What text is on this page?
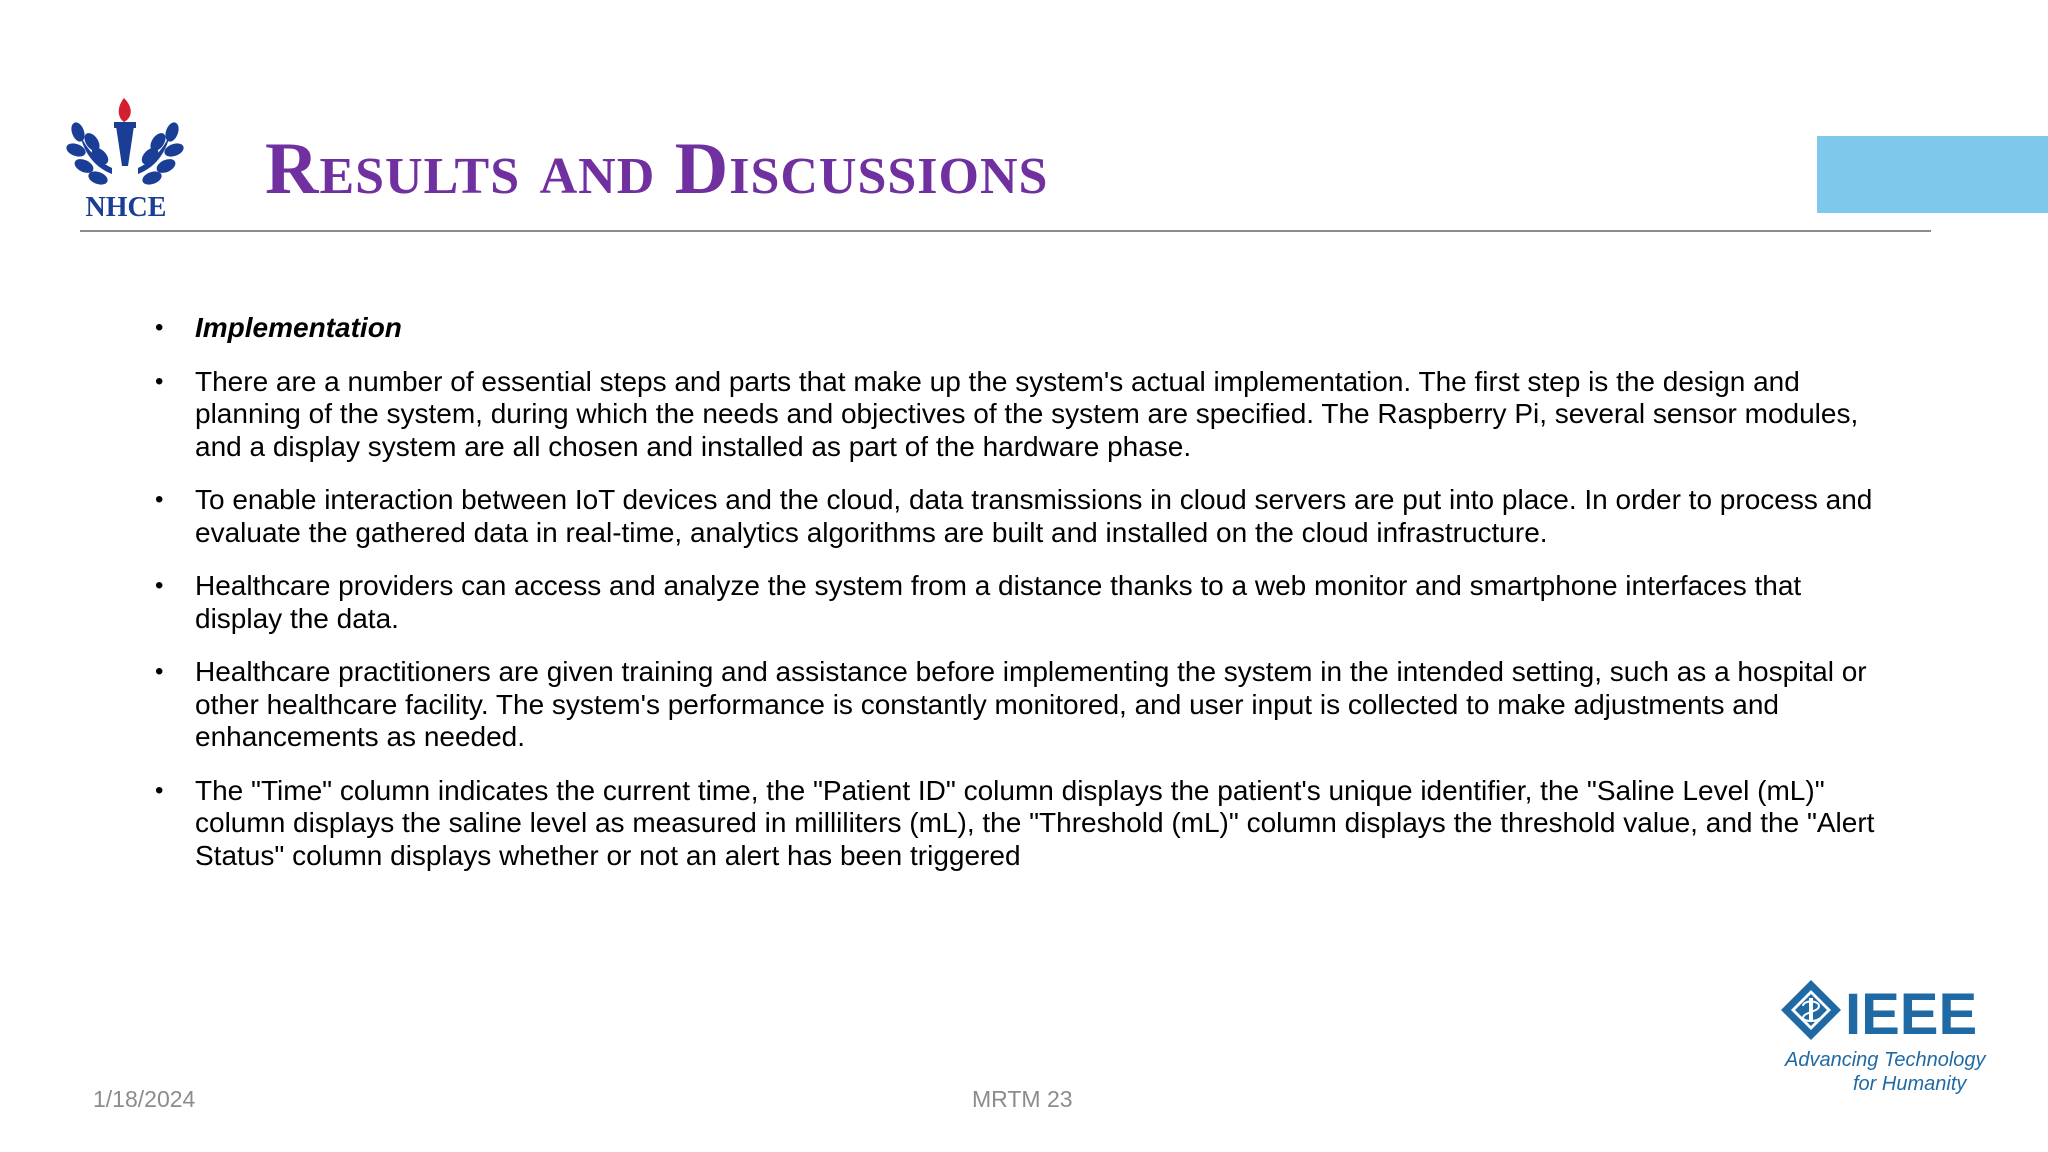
NHCE Results and Discussions
• Implementation
• There are a number of essential steps and parts that make up the system's actual implementation. The first step is the design and planning of the system, during which the needs and objectives of the system are specified. The Raspberry Pi, several sensor modules, and a display system are all chosen and installed as part of the hardware phase.
• To enable interaction between IoT devices and the cloud, data transmissions in cloud servers are put into place. In order to process and evaluate the gathered data in real-time, analytics algorithms are built and installed on the cloud infrastructure.
• Healthcare providers can access and analyze the system from a distance thanks to a web monitor and smartphone interfaces that display the data.
• Healthcare practitioners are given training and assistance before implementing the system in the intended setting, such as a hospital or other healthcare facility. The system's performance is constantly monitored, and user input is collected to make adjustments and enhancements as needed.
• The "Time" column indicates the current time, the "Patient ID" column displays the patient's unique identifier, the "Saline Level (mL)" column displays the saline level as measured in milliliters (mL), the "Threshold (mL)" column displays the threshold value, and the "Alert Status" column displays whether or not an alert has been triggered
1/18/2024	MRTM 23
IEEE
Advancing Technology
for Humanity
